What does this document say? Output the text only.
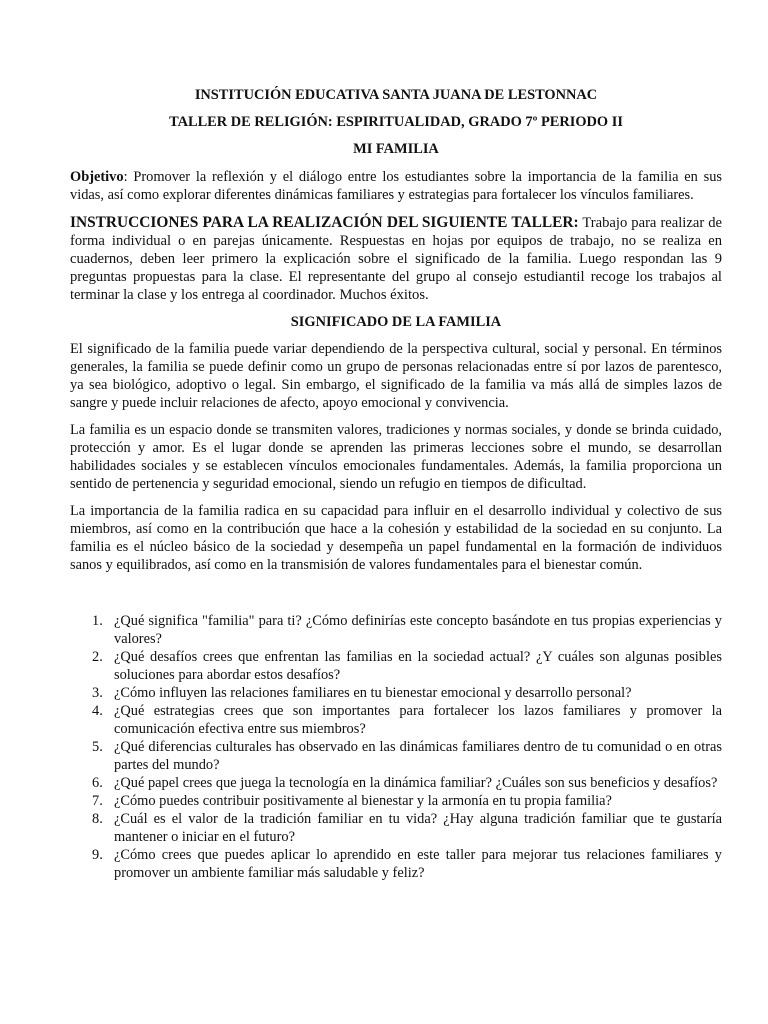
INSTITUCIÓN EDUCATIVA SANTA JUANA DE LESTONNAC

TALLER DE RELIGIÓN: ESPIRITUALIDAD, GRADO 7º PERIODO II

MI FAMILIA

Objetivo: Promover la reflexión y el diálogo entre los estudiantes sobre la importancia de la familia en sus vidas, así como explorar diferentes dinámicas familiares y estrategias para fortalecer los vínculos familiares.

INSTRUCCIONES PARA LA REALIZACIÓN DEL SIGUIENTE TALLER: Trabajo para realizar de forma individual o en parejas únicamente. Respuestas en hojas por equipos de trabajo, no se realiza en cuadernos, deben leer primero la explicación sobre el significado de la familia. Luego respondan las 9 preguntas propuestas para la clase. El representante del grupo al consejo estudiantil recoge los trabajos al terminar la clase y los entrega al coordinador. Muchos éxitos.

SIGNIFICADO DE LA FAMILIA

El significado de la familia puede variar dependiendo de la perspectiva cultural, social y personal. En términos generales, la familia se puede definir como un grupo de personas relacionadas entre sí por lazos de parentesco, ya sea biológico, adoptivo o legal. Sin embargo, el significado de la familia va más allá de simples lazos de sangre y puede incluir relaciones de afecto, apoyo emocional y convivencia.

La familia es un espacio donde se transmiten valores, tradiciones y normas sociales, y donde se brinda cuidado, protección y amor. Es el lugar donde se aprenden las primeras lecciones sobre el mundo, se desarrollan habilidades sociales y se establecen vínculos emocionales fundamentales. Además, la familia proporciona un sentido de pertenencia y seguridad emocional, siendo un refugio en tiempos de dificultad.

La importancia de la familia radica en su capacidad para influir en el desarrollo individual y colectivo de sus miembros, así como en la contribución que hace a la cohesión y estabilidad de la sociedad en su conjunto. La familia es el núcleo básico de la sociedad y desempeña un papel fundamental en la formación de individuos sanos y equilibrados, así como en la transmisión de valores fundamentales para el bienestar común.

1. ¿Qué significa "familia" para ti? ¿Cómo definirías este concepto basándote en tus propias experiencias y valores?
2. ¿Qué desafíos crees que enfrentan las familias en la sociedad actual? ¿Y cuáles son algunas posibles soluciones para abordar estos desafíos?
3. ¿Cómo influyen las relaciones familiares en tu bienestar emocional y desarrollo personal?
4. ¿Qué estrategias crees que son importantes para fortalecer los lazos familiares y promover la comunicación efectiva entre sus miembros?
5. ¿Qué diferencias culturales has observado en las dinámicas familiares dentro de tu comunidad o en otras partes del mundo?
6. ¿Qué papel crees que juega la tecnología en la dinámica familiar? ¿Cuáles son sus beneficios y desafíos?
7. ¿Cómo puedes contribuir positivamente al bienestar y la armonía en tu propia familia?
8. ¿Cuál es el valor de la tradición familiar en tu vida? ¿Hay alguna tradición familiar que te gustaría mantener o iniciar en el futuro?
9. ¿Cómo crees que puedes aplicar lo aprendido en este taller para mejorar tus relaciones familiares y promover un ambiente familiar más saludable y feliz?
